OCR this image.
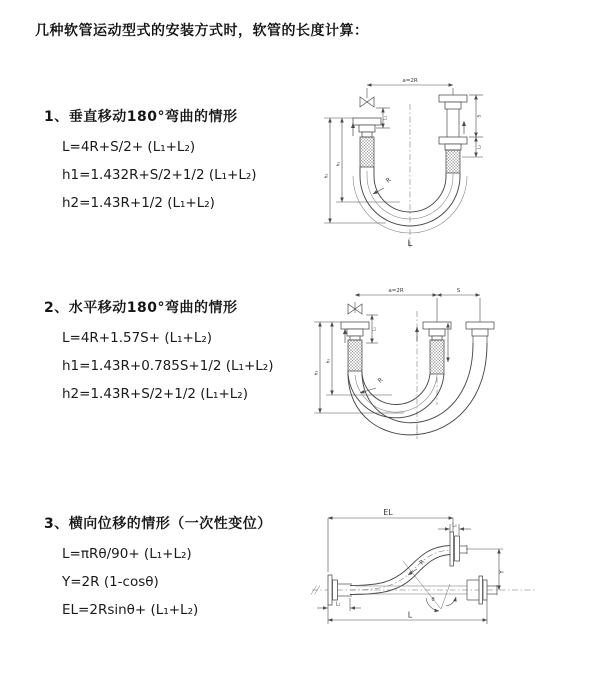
几种软管运动型式的安装方式时，软管的长度计算：
1、垂直移动180°弯曲的情形
L=4R+S/2+ (L₁+L₂)
h1=1.432R+S/2+1/2 (L₁+L₂)
h2=1.43R+1/2 (L₁+L₂)
2、水平移动180°弯曲的情形
L=4R+1.57S+ (L₁+L₂)
h1=1.43R+0.785S+1/2 (L₁+L₂)
h2=1.43R+S/2+1/2 (L₁+L₂)
3、横向位移的情形（一次性变位）
L=πRθ/90+ (L₁+L₂)
Y=2R (1-cosθ)
EL=2Rsinθ+ (L₁+L₂)
a=2R
L₁	S
L₂
h₂
h₁
R
L
a=2R	S
L₁
h₂
h₁
R
EL
L₂
Y
R
θ
L₁
L
